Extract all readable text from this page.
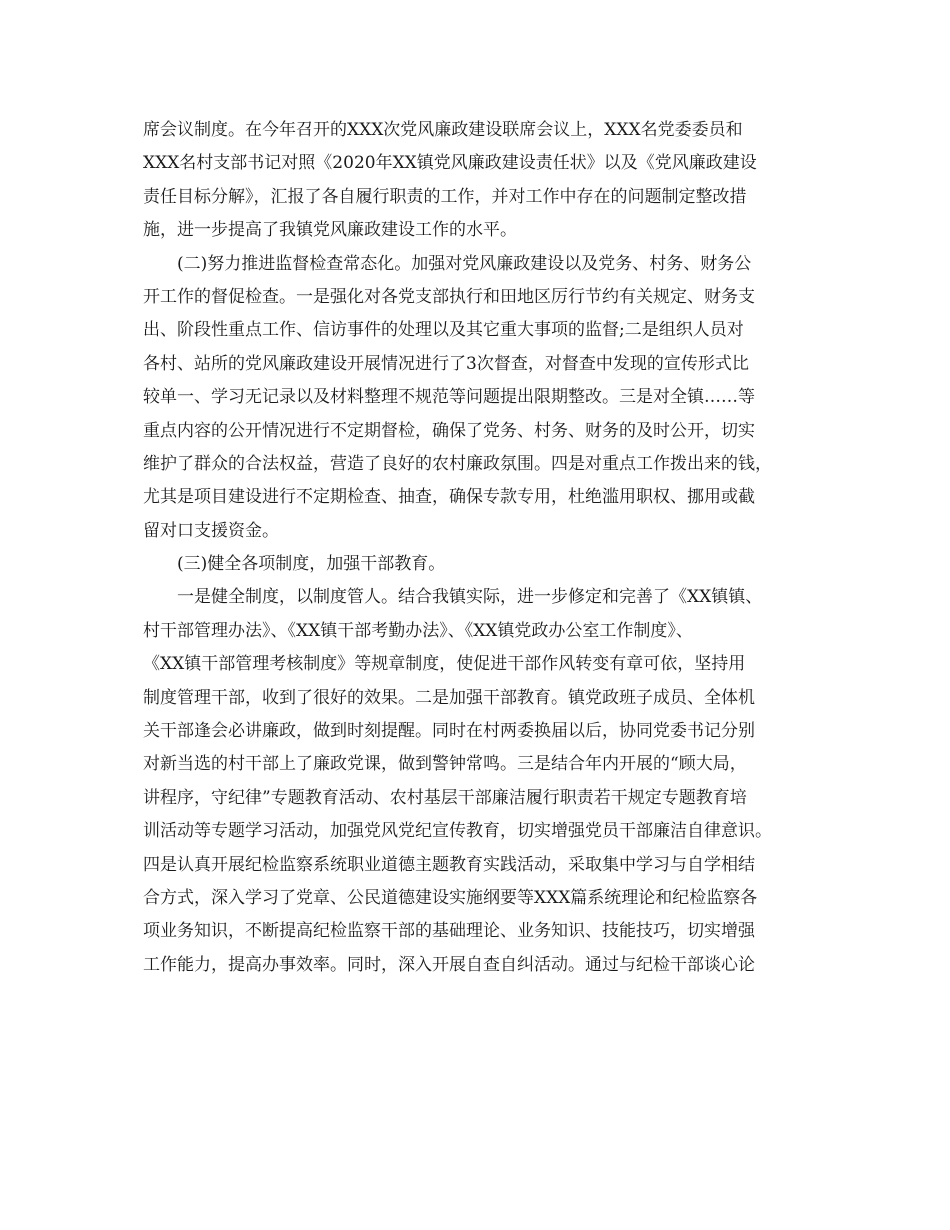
席会议制度。在今年召开的XXX次党风廉政建设联席会议上，XXX名党委委员和
XXX名村支部书记对照《2020年XX镇党风廉政建设责任状》以及《党风廉政建设
责任目标分解》，汇报了各自履行职责的工作，并对工作中存在的问题制定整改措
施，进一步提高了我镇党风廉政建设工作的水平。
　　(二)努力推进监督检查常态化。加强对党风廉政建设以及党务、村务、财务公
开工作的督促检查。一是强化对各党支部执行和田地区厉行节约有关规定、财务支
出、阶段性重点工作、信访事件的处理以及其它重大事项的监督;二是组织人员对
各村、站所的党风廉政建设开展情况进行了3次督查，对督查中发现的宣传形式比
较单一、学习无记录以及材料整理不规范等问题提出限期整改。三是对全镇……等
重点内容的公开情况进行不定期督检，确保了党务、村务、财务的及时公开，切实
维护了群众的合法权益，营造了良好的农村廉政氛围。四是对重点工作拨出来的钱，
尤其是项目建设进行不定期检查、抽查，确保专款专用，杜绝滥用职权、挪用或截
留对口支援资金。
　　(三)健全各项制度，加强干部教育。
　　一是健全制度，以制度管人。结合我镇实际，进一步修定和完善了《XX镇镇、
村干部管理办法》、《XX镇干部考勤办法》、《XX镇党政办公室工作制度》、
《XX镇干部管理考核制度》等规章制度，使促进干部作风转变有章可依，坚持用
制度管理干部，收到了很好的效果。二是加强干部教育。镇党政班子成员、全体机
关干部逢会必讲廉政，做到时刻提醒。同时在村两委换届以后，协同党委书记分别
对新当选的村干部上了廉政党课，做到警钟常鸣。三是结合年内开展的“顾大局，
讲程序，守纪律”专题教育活动、农村基层干部廉洁履行职责若干规定专题教育培
训活动等专题学习活动，加强党风党纪宣传教育，切实增强党员干部廉洁自律意识。
四是认真开展纪检监察系统职业道德主题教育实践活动，采取集中学习与自学相结
合方式，深入学习了党章、公民道德建设实施纲要等XXX篇系统理论和纪检监察各
项业务知识，不断提高纪检监察干部的基础理论、业务知识、技能技巧，切实增强
工作能力，提高办事效率。同时，深入开展自查自纠活动。通过与纪检干部谈心论
